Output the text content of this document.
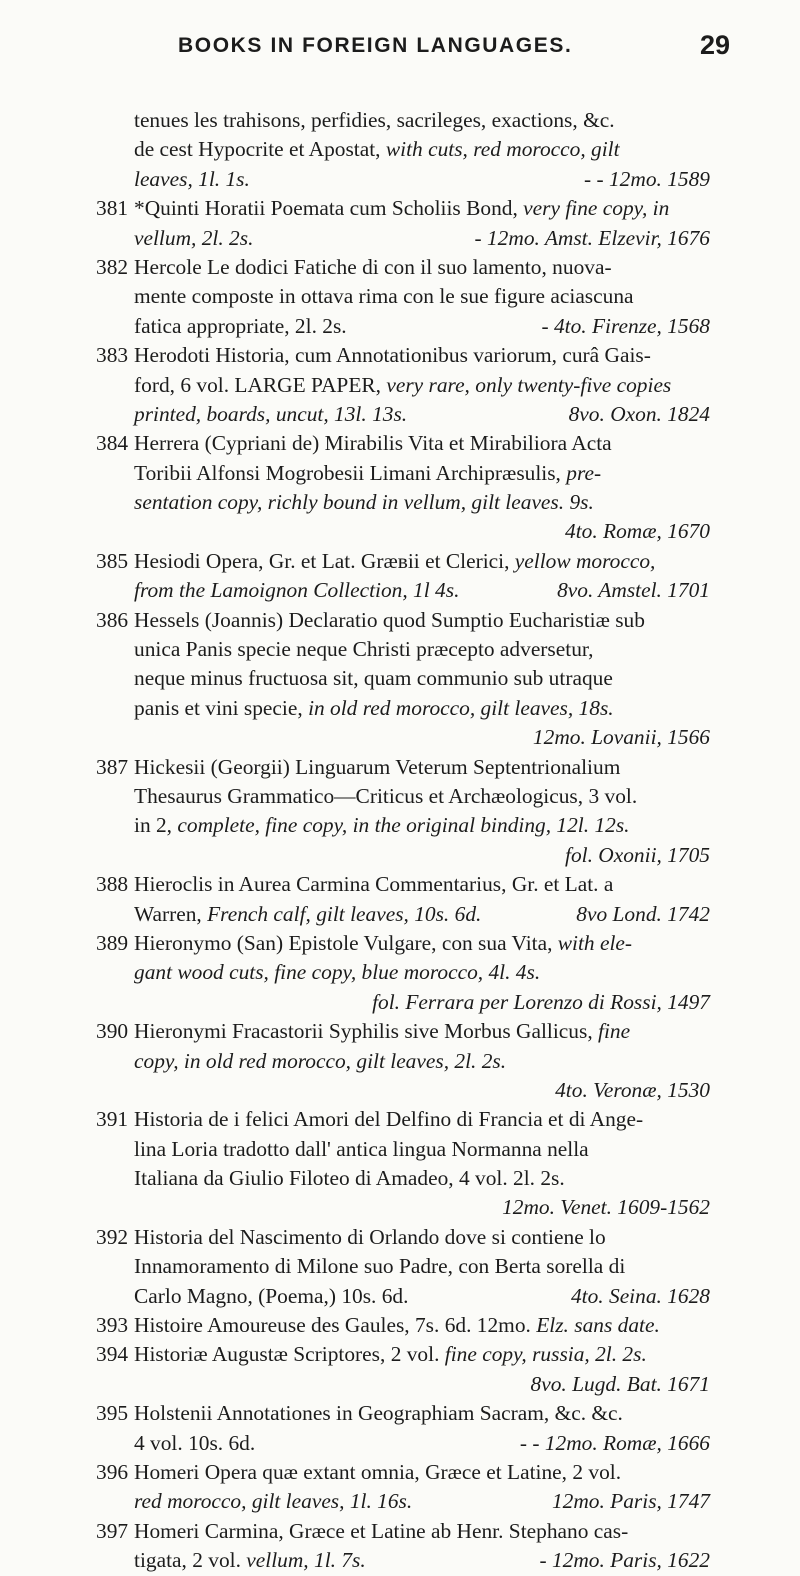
BOOKS IN FOREIGN LANGUAGES.	29
tenues les trahisons, perfidies, sacrileges, exactions, &c.
de cest Hypocrite et Apostat, with cuts, red morocco, gilt
leaves, 1l. 1s.	- - 12mo. 1589
381 *Quinti Horatii Poemata cum Scholiis Bond, very fine copy, in
vellum, 2l. 2s.	- 12mo. Amst. Elzevir, 1676
382 Hercole Le dodici Fatiche di con il suo lamento, nuova-
mente composte in ottava rima con le sue figure aciascuna
fatica appropriate, 2l. 2s.	- 4to. Firenze, 1568
383 Herodoti Historia, cum Annotationibus variorum, curâ Gais-
ford, 6 vol. LARGE PAPER, very rare, only twenty-five copies
printed, boards, uncut, 13l. 13s.	8vo. Oxon. 1824
384 Herrera (Cypriani de) Mirabilis Vita et Mirabiliora Acta
Toribii Alfonsi Mogrobesii Limani Archipræsulis, pre-
sentation copy, richly bound in vellum, gilt leaves. 9s.
4to. Romæ, 1670
385 Hesiodi Opera, Gr. et Lat. Græвii et Clerici, yellow morocco,
from the Lamoignon Collection, 1l 4s.	8vo. Amstel. 1701
386 Hessels (Joannis) Declaratio quod Sumptio Eucharistiæ sub
unica Panis specie neque Christi præcepto adversetur,
neque minus fructuosa sit, quam communio sub utraque
panis et vini specie, in old red morocco, gilt leaves, 18s.
12mo. Lovanii, 1566
387 Hickesii (Georgii) Linguarum Veterum Septentrionalium
Thesaurus Grammatico—Criticus et Archæologicus, 3 vol.
in 2, complete, fine copy, in the original binding, 12l. 12s.
fol. Oxonii, 1705
388 Hieroclis in Aurea Carmina Commentarius, Gr. et Lat. a
Warren, French calf, gilt leaves, 10s. 6d.	8vo Lond. 1742
389 Hieronymo (San) Epistole Vulgare, con sua Vita, with ele-
gant wood cuts, fine copy, blue morocco, 4l. 4s.
fol. Ferrara per Lorenzo di Rossi, 1497
390 Hieronymi Fracastorii Syphilis sive Morbus Gallicus, fine
copy, in old red morocco, gilt leaves, 2l. 2s.
4to. Veronæ, 1530
391 Historia de i felici Amori del Delfino di Francia et di Ange-
lina Loria tradotto dall' antica lingua Normanna nella
Italiana da Giulio Filoteo di Amadeo, 4 vol. 2l. 2s.
12mo. Venet. 1609-1562
392 Historia del Nascimento di Orlando dove si contiene lo
Innamoramento di Milone suo Padre, con Berta sorella di
Carlo Magno, (Poema,) 10s. 6d.	4to. Seina. 1628
393 Histoire Amoureuse des Gaules, 7s. 6d. 12mo. Elz. sans date.
394 Historiæ Augustæ Scriptores, 2 vol. fine copy, russia, 2l. 2s.
8vo. Lugd. Bat. 1671
395 Holstenii Annotationes in Geographiam Sacram, &c. &c.
4 vol. 10s. 6d.	- - 12mo. Romæ, 1666
396 Homeri Opera quæ extant omnia, Græce et Latine, 2 vol.
red morocco, gilt leaves, 1l. 16s.	12mo. Paris, 1747
397 Homeri Carmina, Græce et Latine ab Henr. Stephano cas-
tigata, 2 vol. vellum, 1l. 7s.	- 12mo. Paris, 1622
